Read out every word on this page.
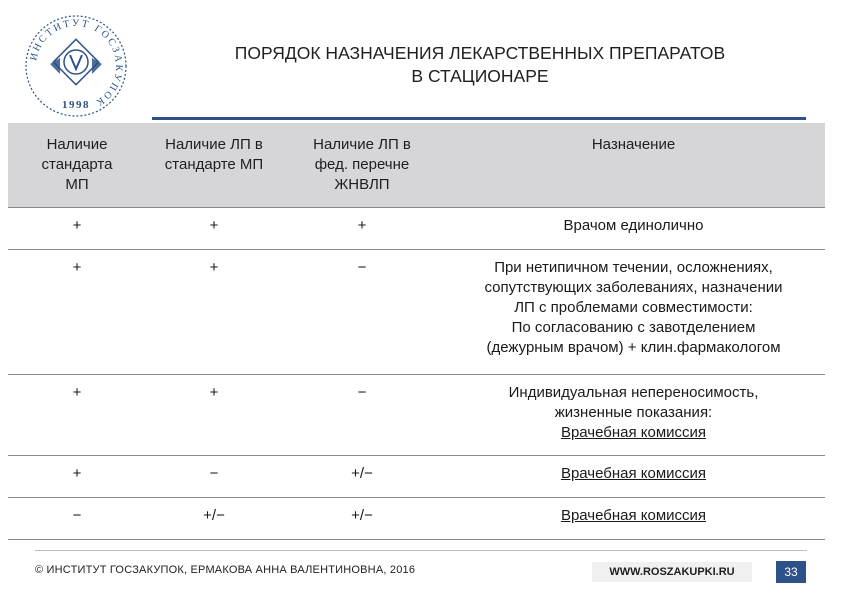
ИНСТИТУТ ГОСЗАКУПОК
1998
ПОРЯДОК НАЗНАЧЕНИЯ ЛЕКАРСТВЕННЫХ ПРЕПАРАТОВ
В СТАЦИОНАРЕ
Наличие
стандарта
МП	Наличие ЛП в
стандарте МП	Наличие ЛП в
фед. перечне
ЖНВЛП	Назначение

+	+	+	Врачом единолично

+	+	−	При нетипичном течении, осложнениях,
сопутствующих заболеваниях, назначении
ЛП с проблемами совместимости:
По согласованию с завотделением
(дежурным врачом) + клин.фармакологом

+	+	−	Индивидуальная непереносимость,
жизненные показания:
Врачебная комиссия

+	−	+/−	Врачебная комиссия

−	+/−	+/−	Врачебная комиссия
© ИНСТИТУТ ГОСЗАКУПОК, ЕРМАКОВА АННА ВАЛЕНТИНОВНА, 2016	WWW.ROSZAKUPKI.RU	33
